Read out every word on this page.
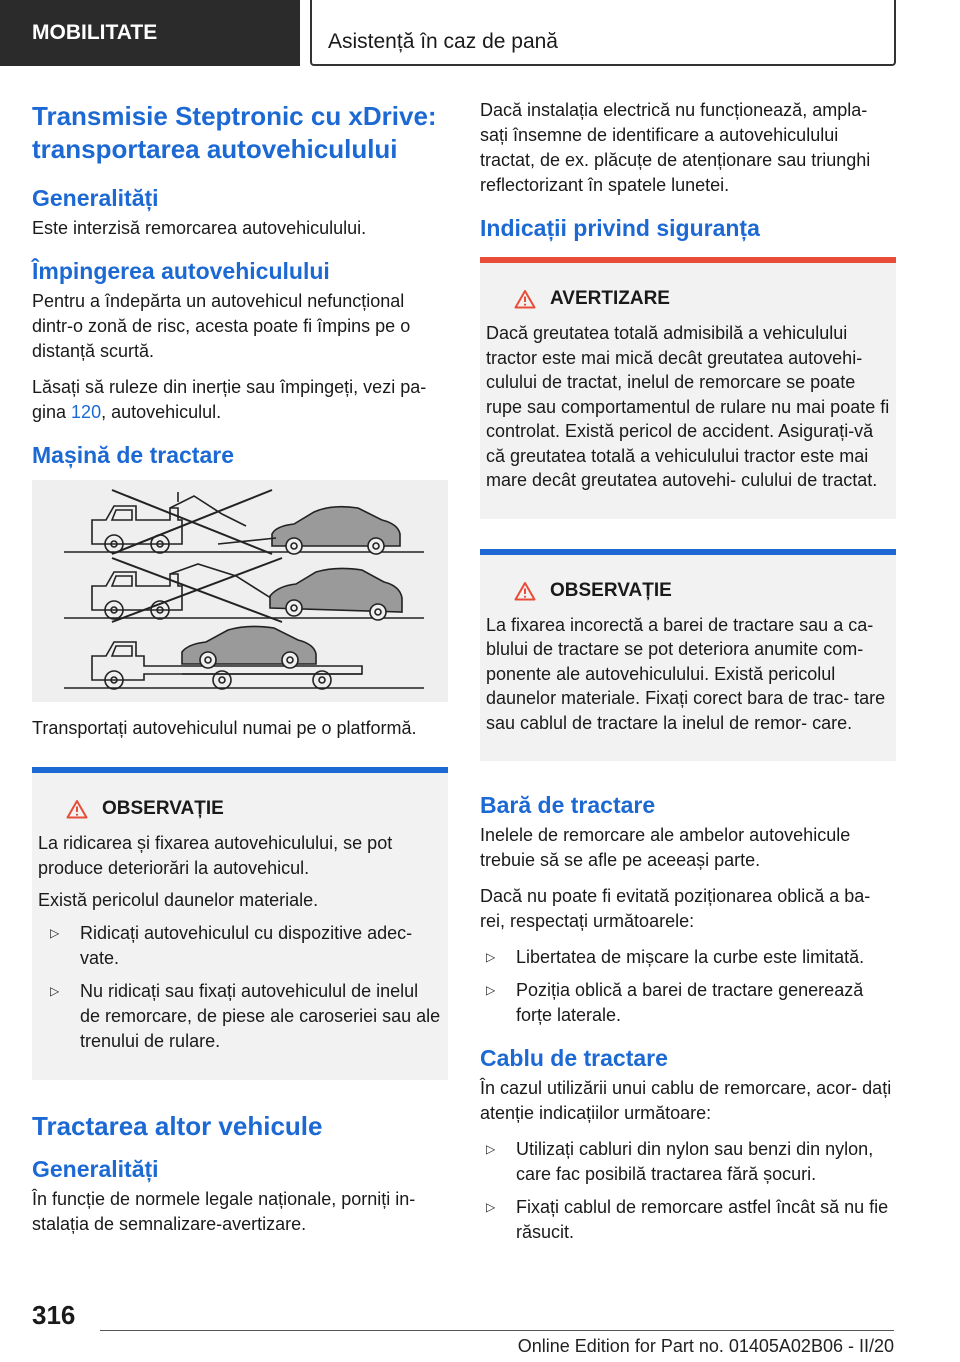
MOBILITATE	Asistență în caz de pană
Transmisie Steptronic cu xDrive: transportarea autovehiculului
Generalități

Este interzisă remorcarea autovehiculului.

Împingerea autovehiculului

Pentru a îndepărta un autovehicul nefuncțional dintr-o zonă de risc, acesta poate fi împins pe o distanță scurtă.

Lăsați să ruleze din inerție sau împingeți, vezi pa‐ gina 120, autovehiculul.

Mașină de tractare

Transportați autovehiculul numai pe o platformă.

OBSERVAȚIE

La ridicarea și fixarea autovehiculului, se pot produce deteriorări la autovehicul.

Există pericolul daunelor materiale.

▷ Ridicați autovehiculul cu dispozitive adec‐ vate.
▷ Nu ridicați sau fixați autovehiculul de inelul de remorcare, de piese ale caroseriei sau ale trenului de rulare.
Tractarea altor vehicule
Generalități

În funcție de normele legale naționale, porniți in‐ stalația de semnalizare-avertizare.

Dacă instalația electrică nu funcționează, ampla‐ sați însemne de identificare a autovehiculului tractat, de ex. plăcuțe de atenționare sau triunghi reflectorizant în spatele lunetei.

Indicații privind siguranța
AVERTIZARE

Dacă greutatea totală admisibilă a vehiculului tractor este mai mică decât greutatea autovehi‐ culului de tractat, inelul de remorcare se poate rupe sau comportamentul de rulare nu mai poate fi controlat. Există pericol de accident. Asigurați-vă că greutatea totală a vehiculului tractor este mai mare decât greutatea autovehi‐ culului de tractat.

OBSERVAȚIE

La fixarea incorectă a barei de tractare sau a ca‐ blului de tractare se pot deteriora anumite com‐ ponente ale autovehiculului. Există pericolul daunelor materiale. Fixați corect bara de trac‐ tare sau cablul de tractare la inelul de remor‐ care.

Bară de tractare

Inelele de remorcare ale ambelor autovehicule trebuie să se afle pe aceeași parte.

Dacă nu poate fi evitată poziționarea oblică a ba‐ rei, respectați următoarele:

▷ Libertatea de mișcare la curbe este limitată.
▷ Poziția oblică a barei de tractare generează forțe laterale.
Cablu de tractare

În cazul utilizării unui cablu de remorcare, acor‐ dați atenție indicațiilor următoare:

▷ Utilizați cabluri din nylon sau benzi din nylon, care fac posibilă tractarea fără șocuri.
▷ Fixați cablul de remorcare astfel încât să nu fie răsucit.
316
Online Edition for Part no. 01405A02B06 - II/20
